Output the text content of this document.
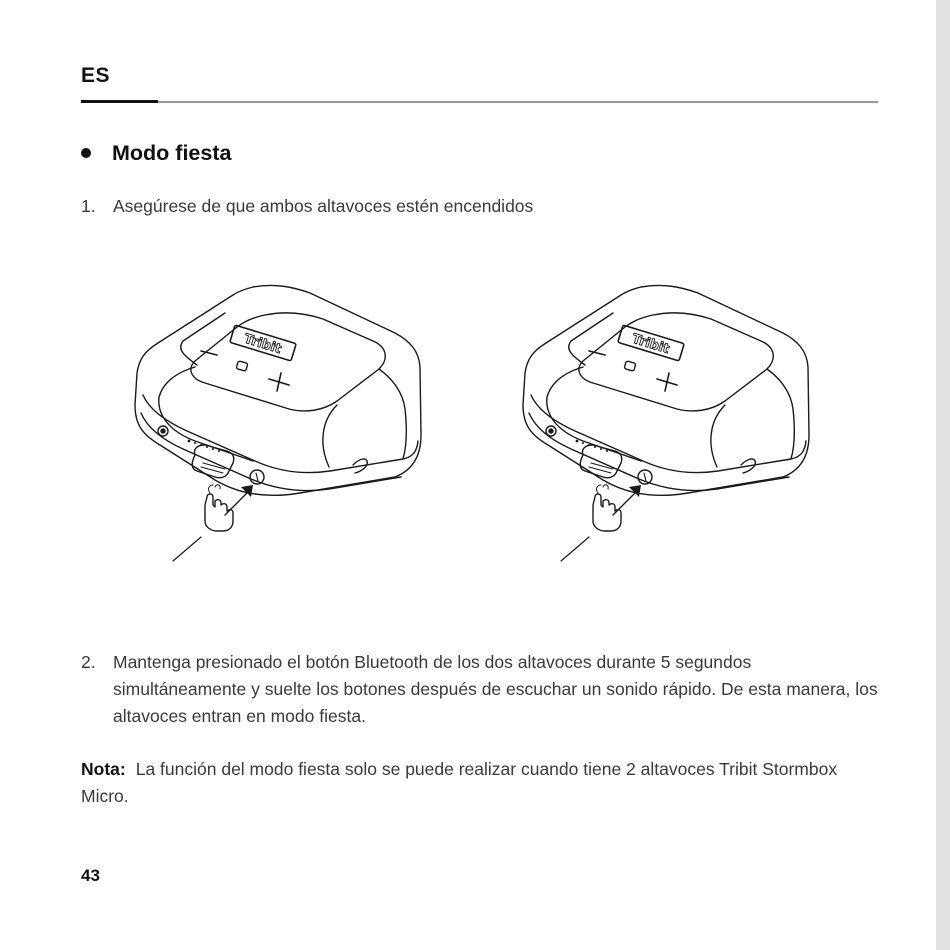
ES
Modo fiesta
1. Asegúrese de que ambos altavoces estén encendidos
Tribit	Tribit
2. Mantenga presionado el botón Bluetooth de los dos altavoces durante 5 segundos simultáneamente y suelte los botones después de escuchar un sonido rápido. De esta manera, los altavoces entran en modo fiesta.
Nota: La función del modo fiesta solo se puede realizar cuando tiene 2 altavoces Tribit Stormbox Micro.
43
